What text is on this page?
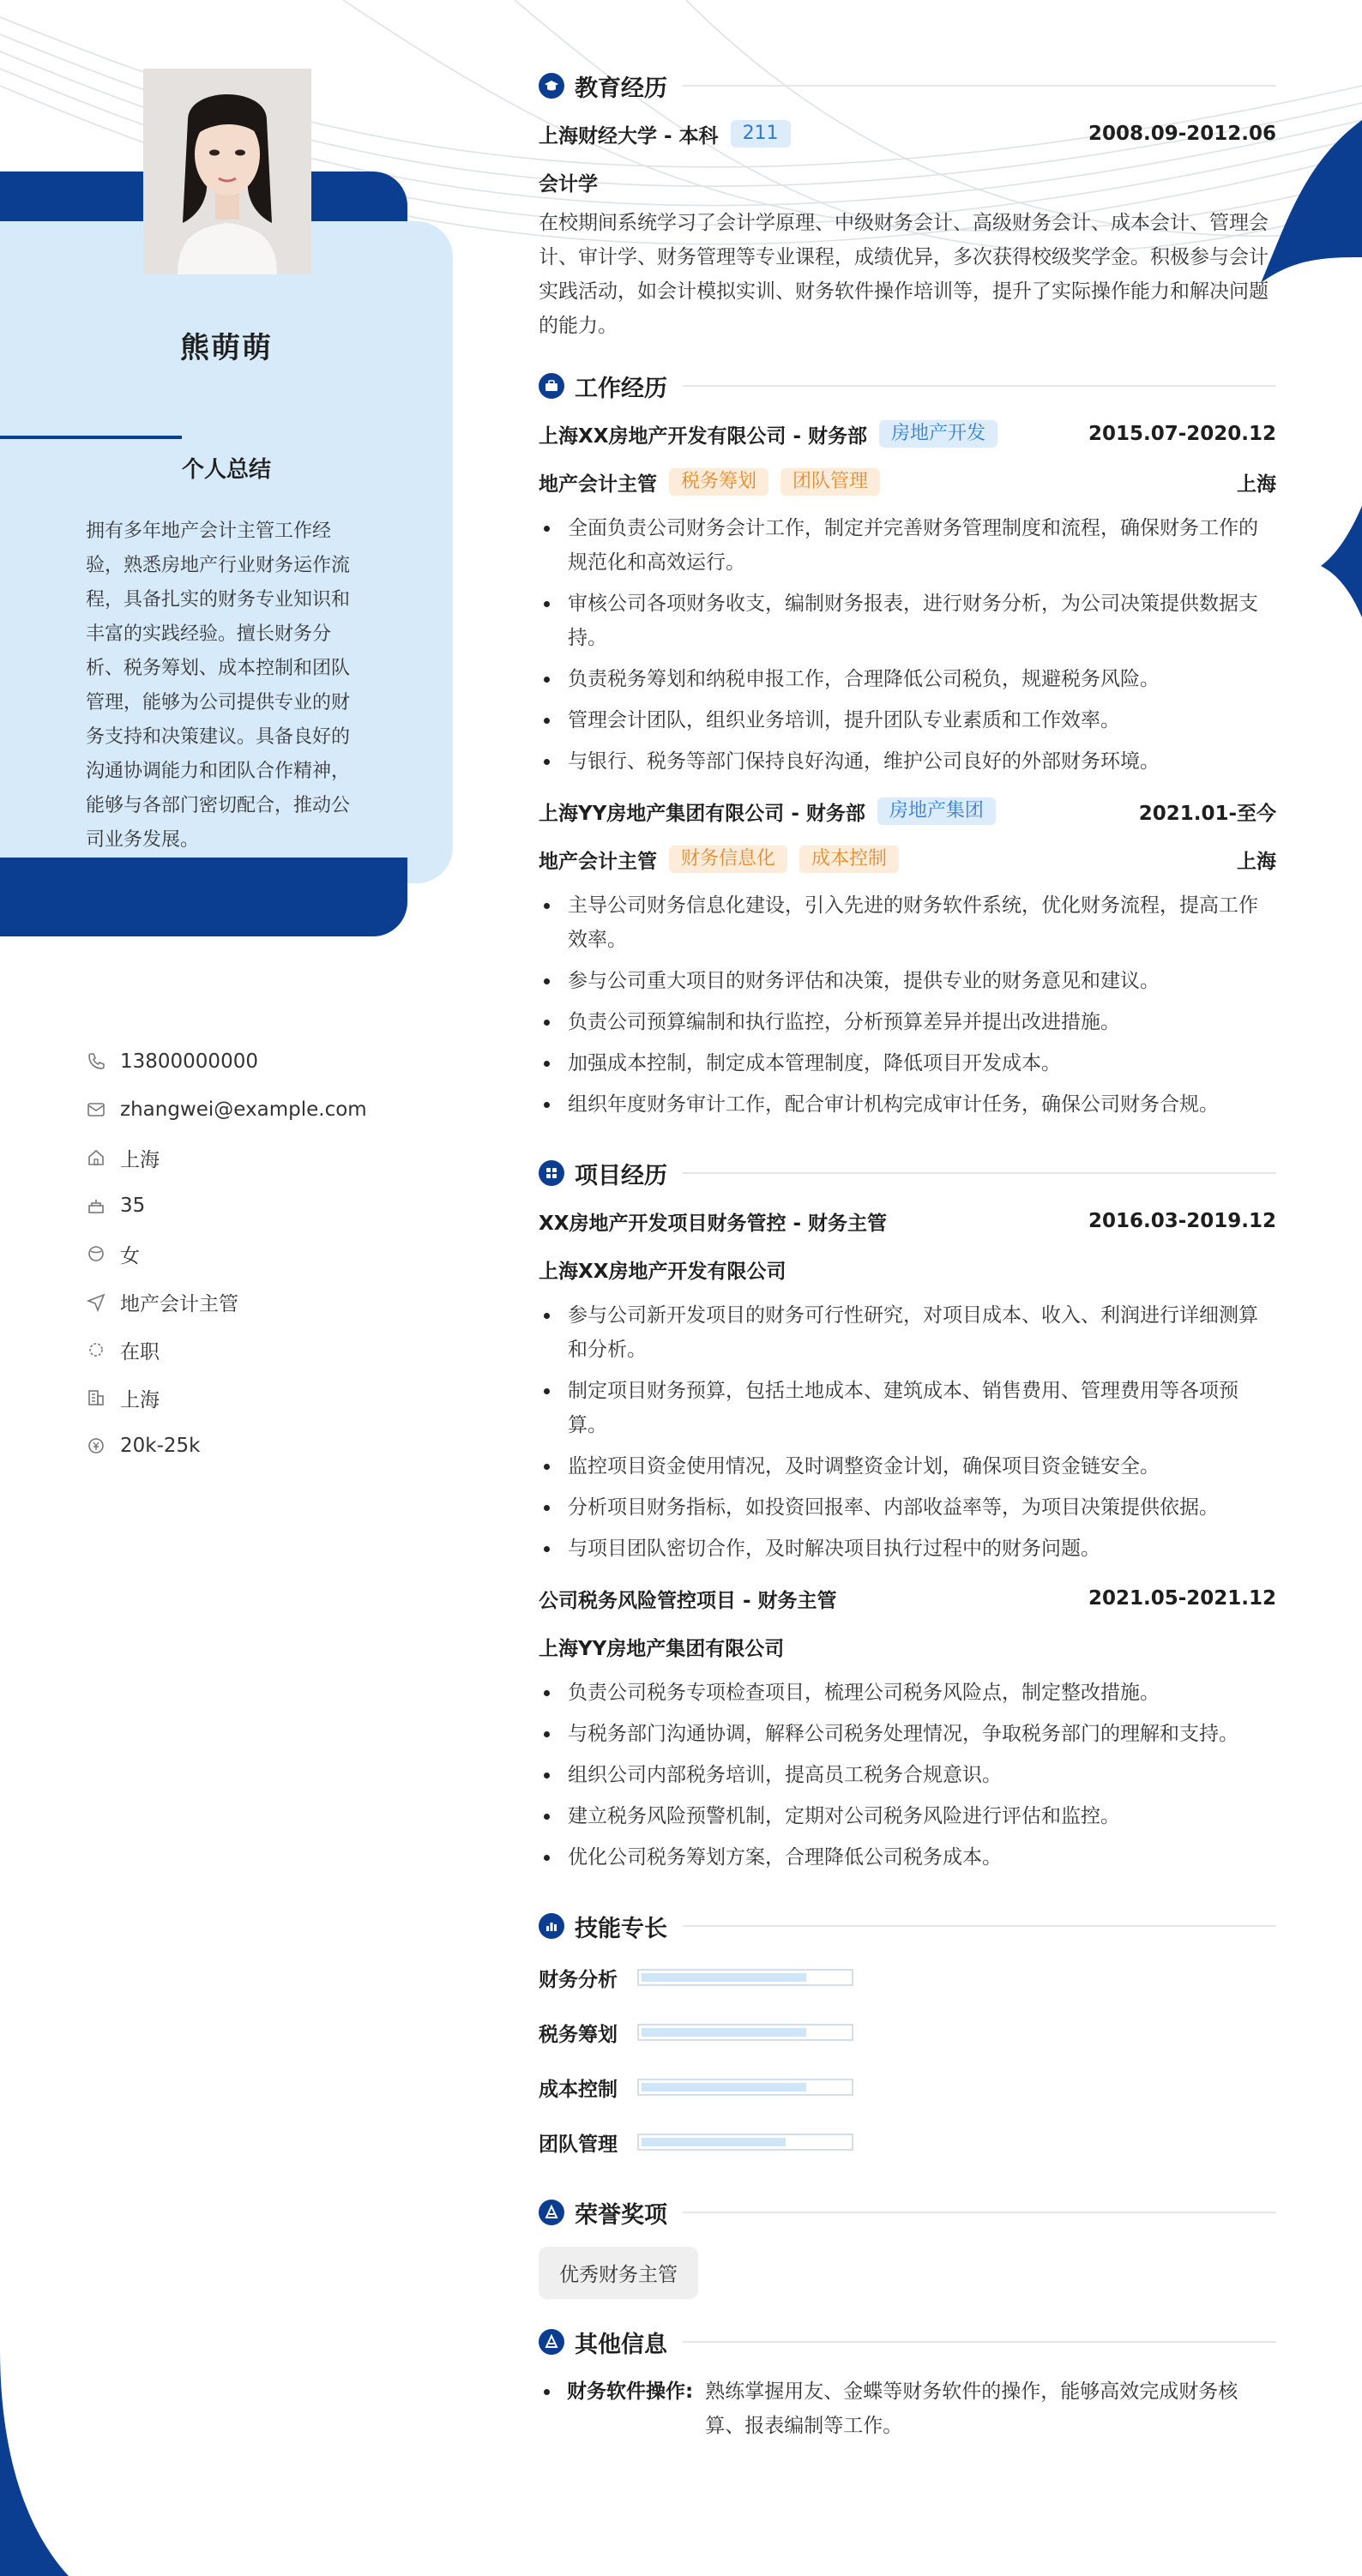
熊萌萌
个人总结
拥有多年地产会计主管工作经验，熟悉房地产行业财务运作流程，具备扎实的财务专业知识和丰富的实践经验。擅长财务分析、税务筹划、成本控制和团队管理，能够为公司提供专业的财务支持和决策建议。具备良好的沟通协调能力和团队合作精神，能够与各部门密切配合，推动公司业务发展。
13800000000
zhangwei@example.com
上海
35
女
地产会计主管
在职
上海
20k-25k
教育经历
上海财经大学 - 本科	211	2008.09-2012.06
会计学

在校期间系统学习了会计学原理、中级财务会计、高级财务会计、成本会计、管理会计、审计学、财务管理等专业课程，成绩优异，多次获得校级奖学金。积极参与会计实践活动，如会计模拟实训、财务软件操作培训等，提升了实际操作能力和解决问题的能力。

工作经历
上海XX房地产开发有限公司 - 财务部	房地产开发	2015.07-2020.12
地产会计主管	税务筹划	团队管理	上海
全面负责公司财务会计工作，制定并完善财务管理制度和流程，确保财务工作的规范化和高效运行。
审核公司各项财务收支，编制财务报表，进行财务分析，为公司决策提供数据支持。
负责税务筹划和纳税申报工作，合理降低公司税负，规避税务风险。
管理会计团队，组织业务培训，提升团队专业素质和工作效率。
与银行、税务等部门保持良好沟通，维护公司良好的外部财务环境。
上海YY房地产集团有限公司 - 财务部	房地产集团	2021.01-至今
地产会计主管	财务信息化	成本控制	上海
主导公司财务信息化建设，引入先进的财务软件系统，优化财务流程，提高工作效率。
参与公司重大项目的财务评估和决策，提供专业的财务意见和建议。
负责公司预算编制和执行监控，分析预算差异并提出改进措施。
加强成本控制，制定成本管理制度，降低项目开发成本。
组织年度财务审计工作，配合审计机构完成审计任务，确保公司财务合规。
项目经历
XX房地产开发项目财务管控 - 财务主管	2016.03-2019.12
上海XX房地产开发有限公司
参与公司新开发项目的财务可行性研究，对项目成本、收入、利润进行详细测算和分析。
制定项目财务预算，包括土地成本、建筑成本、销售费用、管理费用等各项预算。
监控项目资金使用情况，及时调整资金计划，确保项目资金链安全。
分析项目财务指标，如投资回报率、内部收益率等，为项目决策提供依据。
与项目团队密切合作，及时解决项目执行过程中的财务问题。
公司税务风险管控项目 - 财务主管	2021.05-2021.12
上海YY房地产集团有限公司
负责公司税务专项检查项目，梳理公司税务风险点，制定整改措施。
与税务部门沟通协调，解释公司税务处理情况，争取税务部门的理解和支持。
组织公司内部税务培训，提高员工税务合规意识。
建立税务风险预警机制，定期对公司税务风险进行评估和监控。
优化公司税务筹划方案，合理降低公司税务成本。
技能专长
财务分析
税务筹划
成本控制
团队管理
荣誉奖项
优秀财务主管
其他信息
财务软件操作: 熟练掌握用友、金蝶等财务软件的操作，能够高效完成财务核算、报表编制等工作。
